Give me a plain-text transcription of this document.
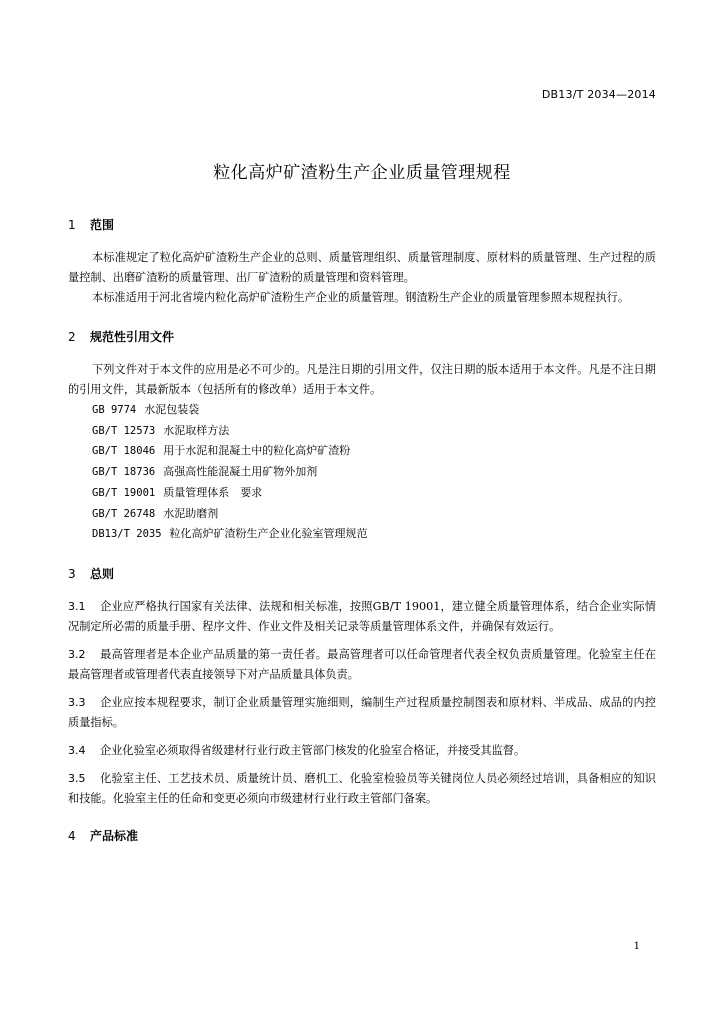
DB13/T 2034—2014
粒化高炉矿渣粉生产企业质量管理规程
1 范围

本标准规定了粒化高炉矿渣粉生产企业的总则、质量管理组织、质量管理制度、原材料的质量管理、生产过程的质量控制、出磨矿渣粉的质量管理、出厂矿渣粉的质量管理和资料管理。

本标准适用于河北省境内粒化高炉矿渣粉生产企业的质量管理。钢渣粉生产企业的质量管理参照本规程执行。

2 规范性引用文件

下列文件对于本文件的应用是必不可少的。凡是注日期的引用文件，仅注日期的版本适用于本文件。凡是不注日期的引用文件，其最新版本（包括所有的修改单）适用于本文件。

GB 9774 水泥包装袋
GB/T 12573 水泥取样方法
GB/T 18046 用于水泥和混凝土中的粒化高炉矿渣粉
GB/T 18736 高强高性能混凝土用矿物外加剂
GB/T 19001 质量管理体系　要求
GB/T 26748 水泥助磨剂
DB13/T 2035 粒化高炉矿渣粉生产企业化验室管理规范
3 总则

3.1 企业应严格执行国家有关法律、法规和相关标准，按照GB/T 19001，建立健全质量管理体系，结合企业实际情况制定所必需的质量手册、程序文件、作业文件及相关记录等质量管理体系文件，并确保有效运行。

3.2 最高管理者是本企业产品质量的第一责任者。最高管理者可以任命管理者代表全权负责质量管理。化验室主任在最高管理者或管理者代表直接领导下对产品质量具体负责。

3.3 企业应按本规程要求，制订企业质量管理实施细则，编制生产过程质量控制图表和原材料、半成品、成品的内控质量指标。

3.4 企业化验室必须取得省级建材行业行政主管部门核发的化验室合格证，并接受其监督。

3.5 化验室主任、工艺技术员、质量统计员、磨机工、化验室检验员等关键岗位人员必须经过培训，具备相应的知识和技能。化验室主任的任命和变更必须向市级建材行业行政主管部门备案。

4 产品标准
1
